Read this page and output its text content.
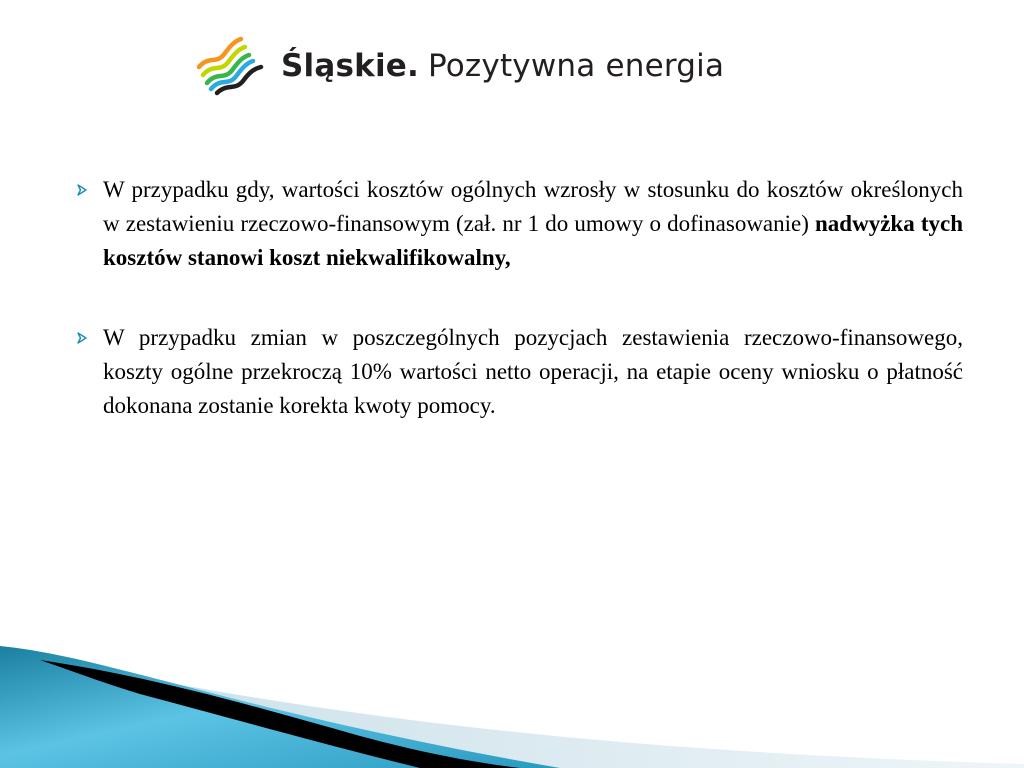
Śląskie. Pozytywna energia

W przypadku gdy, wartości kosztów ogólnych wzrosły w stosunku do kosztów określonych w zestawieniu rzeczowo-finansowym (zał. nr 1 do umowy o dofinasowanie) nadwyżka tych kosztów stanowi koszt niekwalifikowalny,

W przypadku zmian w poszczególnych pozycjach zestawienia rzeczowo-finansowego, koszty ogólne przekroczą 10% wartości netto operacji, na etapie oceny wniosku o płatność dokonana zostanie korekta kwoty pomocy.
